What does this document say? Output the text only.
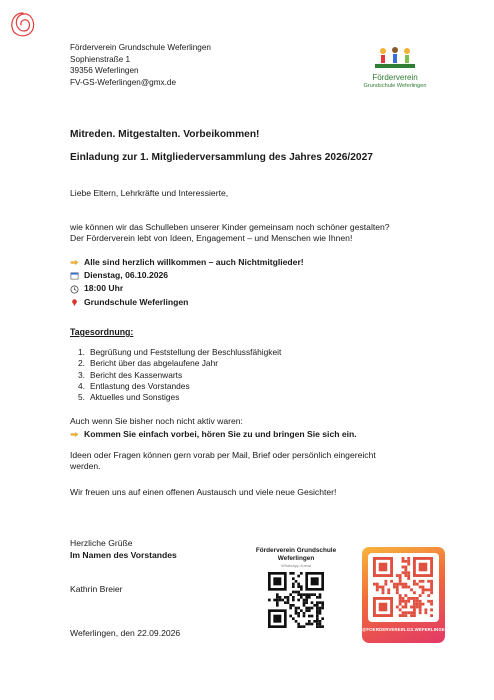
Förderverein Grundschule Weferlingen
Sophienstraße 1
39356 Weferlingen
FV-GS-Weferlingen@gmx.de
Förderverein
Grundschule Weferlingen
Mitreden. Mitgestalten. Vorbeikommen!
Einladung zur 1. Mitgliederversammlung des Jahres 2026/2027
Liebe Eltern, Lehrkräfte und Interessierte,
wie können wir das Schulleben unserer Kinder gemeinsam noch schöner gestalten?
Der Förderverein lebt von Ideen, Engagement – und Menschen wie Ihnen!
Alle sind herzlich willkommen – auch Nichtmitglieder!
Dienstag, 06.10.2026
18:00 Uhr
Grundschule Weferlingen
Tagesordnung:
1. Begrüßung und Feststellung der Beschlussfähigkeit
2. Bericht über das abgelaufene Jahr
3. Bericht des Kassenwarts
4. Entlastung des Vorstandes
5. Aktuelles und Sonstiges
Auch wenn Sie bisher noch nicht aktiv waren:
Kommen Sie einfach vorbei, hören Sie zu und bringen Sie sich ein.
Ideen oder Fragen können gern vorab per Mail, Brief oder persönlich eingereicht
werden.
Wir freuen uns auf einen offenen Austausch und viele neue Gesichter!
Herzliche Grüße
Im Namen des Vorstandes
Kathrin Breier
Weferlingen, den 22.09.2026
Förderverein Grundschule
Weferlingen
WhatsApp-Kanal
@FOERDERVEREIN.GS.WEFERLINGEN
